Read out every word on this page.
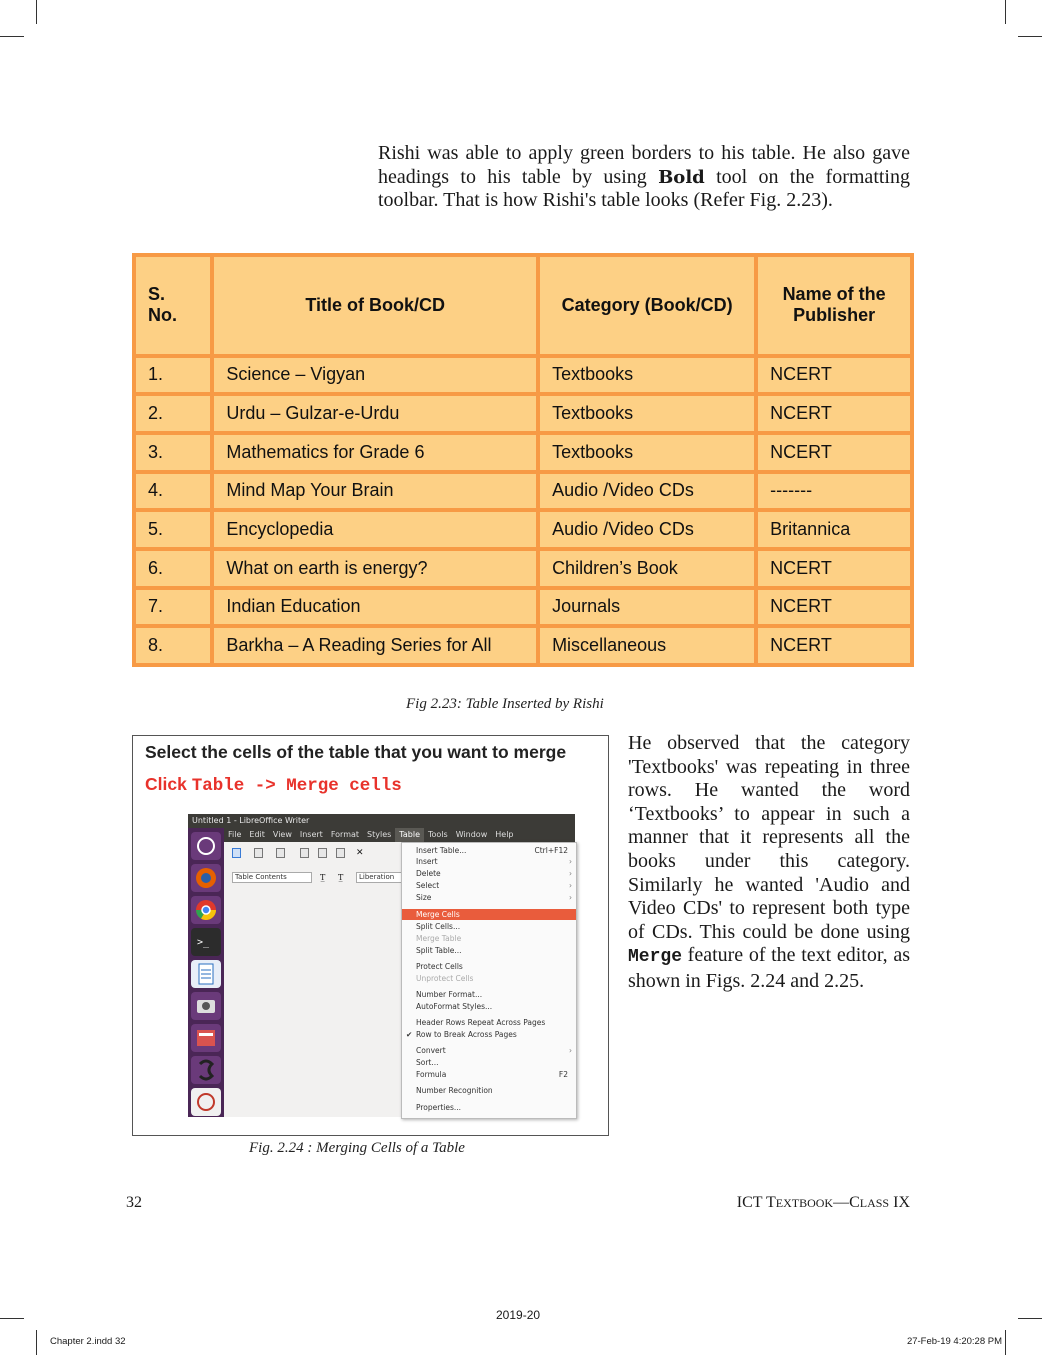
Rishi was able to apply green borders to his table. He also gave headings to his table by using Bold tool on the formatting toolbar. That is how Rishi's table looks (Refer Fig. 2.23).

S. No.	Title of Book/CD	Category (Book/CD)	Name of the Publisher
1.	Science – Vigyan	Textbooks	NCERT
2.	Urdu – Gulzar-e-Urdu	Textbooks	NCERT
3.	Mathematics for Grade 6	Textbooks	NCERT
4.	Mind Map Your Brain	Audio /Video CDs	-------
5.	Encyclopedia	Audio /Video CDs	Britannica
6.	What on earth is energy?	Children’s Book	NCERT
7.	Indian Education	Journals	NCERT
8.	Barkha – A Reading Series for All	Miscellaneous	NCERT
Fig 2.23: Table Inserted by Rishi
Select the cells of the table that you want to merge
Click Table -> Merge cells
Untitled 1 - LibreOffice Writer
>_
File Edit View Insert Format Styles Table Tools Window Help
✕
Table Contents	T̲	T̲	Liberation
Insert Table...	Ctrl+F12
Insert	›
Delete	›
Select	›
Size	›
Merge Cells
Split Cells...
Merge Table
Split Table...
Protect Cells
Unprotect Cells
Number Format...
AutoFormat Styles...
Header Rows Repeat Across Pages
Row to Break Across Pages
✔
Convert	›
Sort...
Formula	F2
Number Recognition
Properties...
Fig. 2.24 : Merging Cells of a Table

He observed that the category 'Textbooks' was repeating in three rows. He wanted the word ‘Textbooks’ to appear in such a manner that it represents all the books under this category. Similarly he wanted 'Audio and Video CDs' to represent both type of CDs. This could be done using Merge feature of the text editor, as shown in Figs. 2.24 and 2.25.

32	ICT TEXTBOOK—CLASS IX
2019-20
Chapter 2.indd 32	27-Feb-19 4:20:28 PM
